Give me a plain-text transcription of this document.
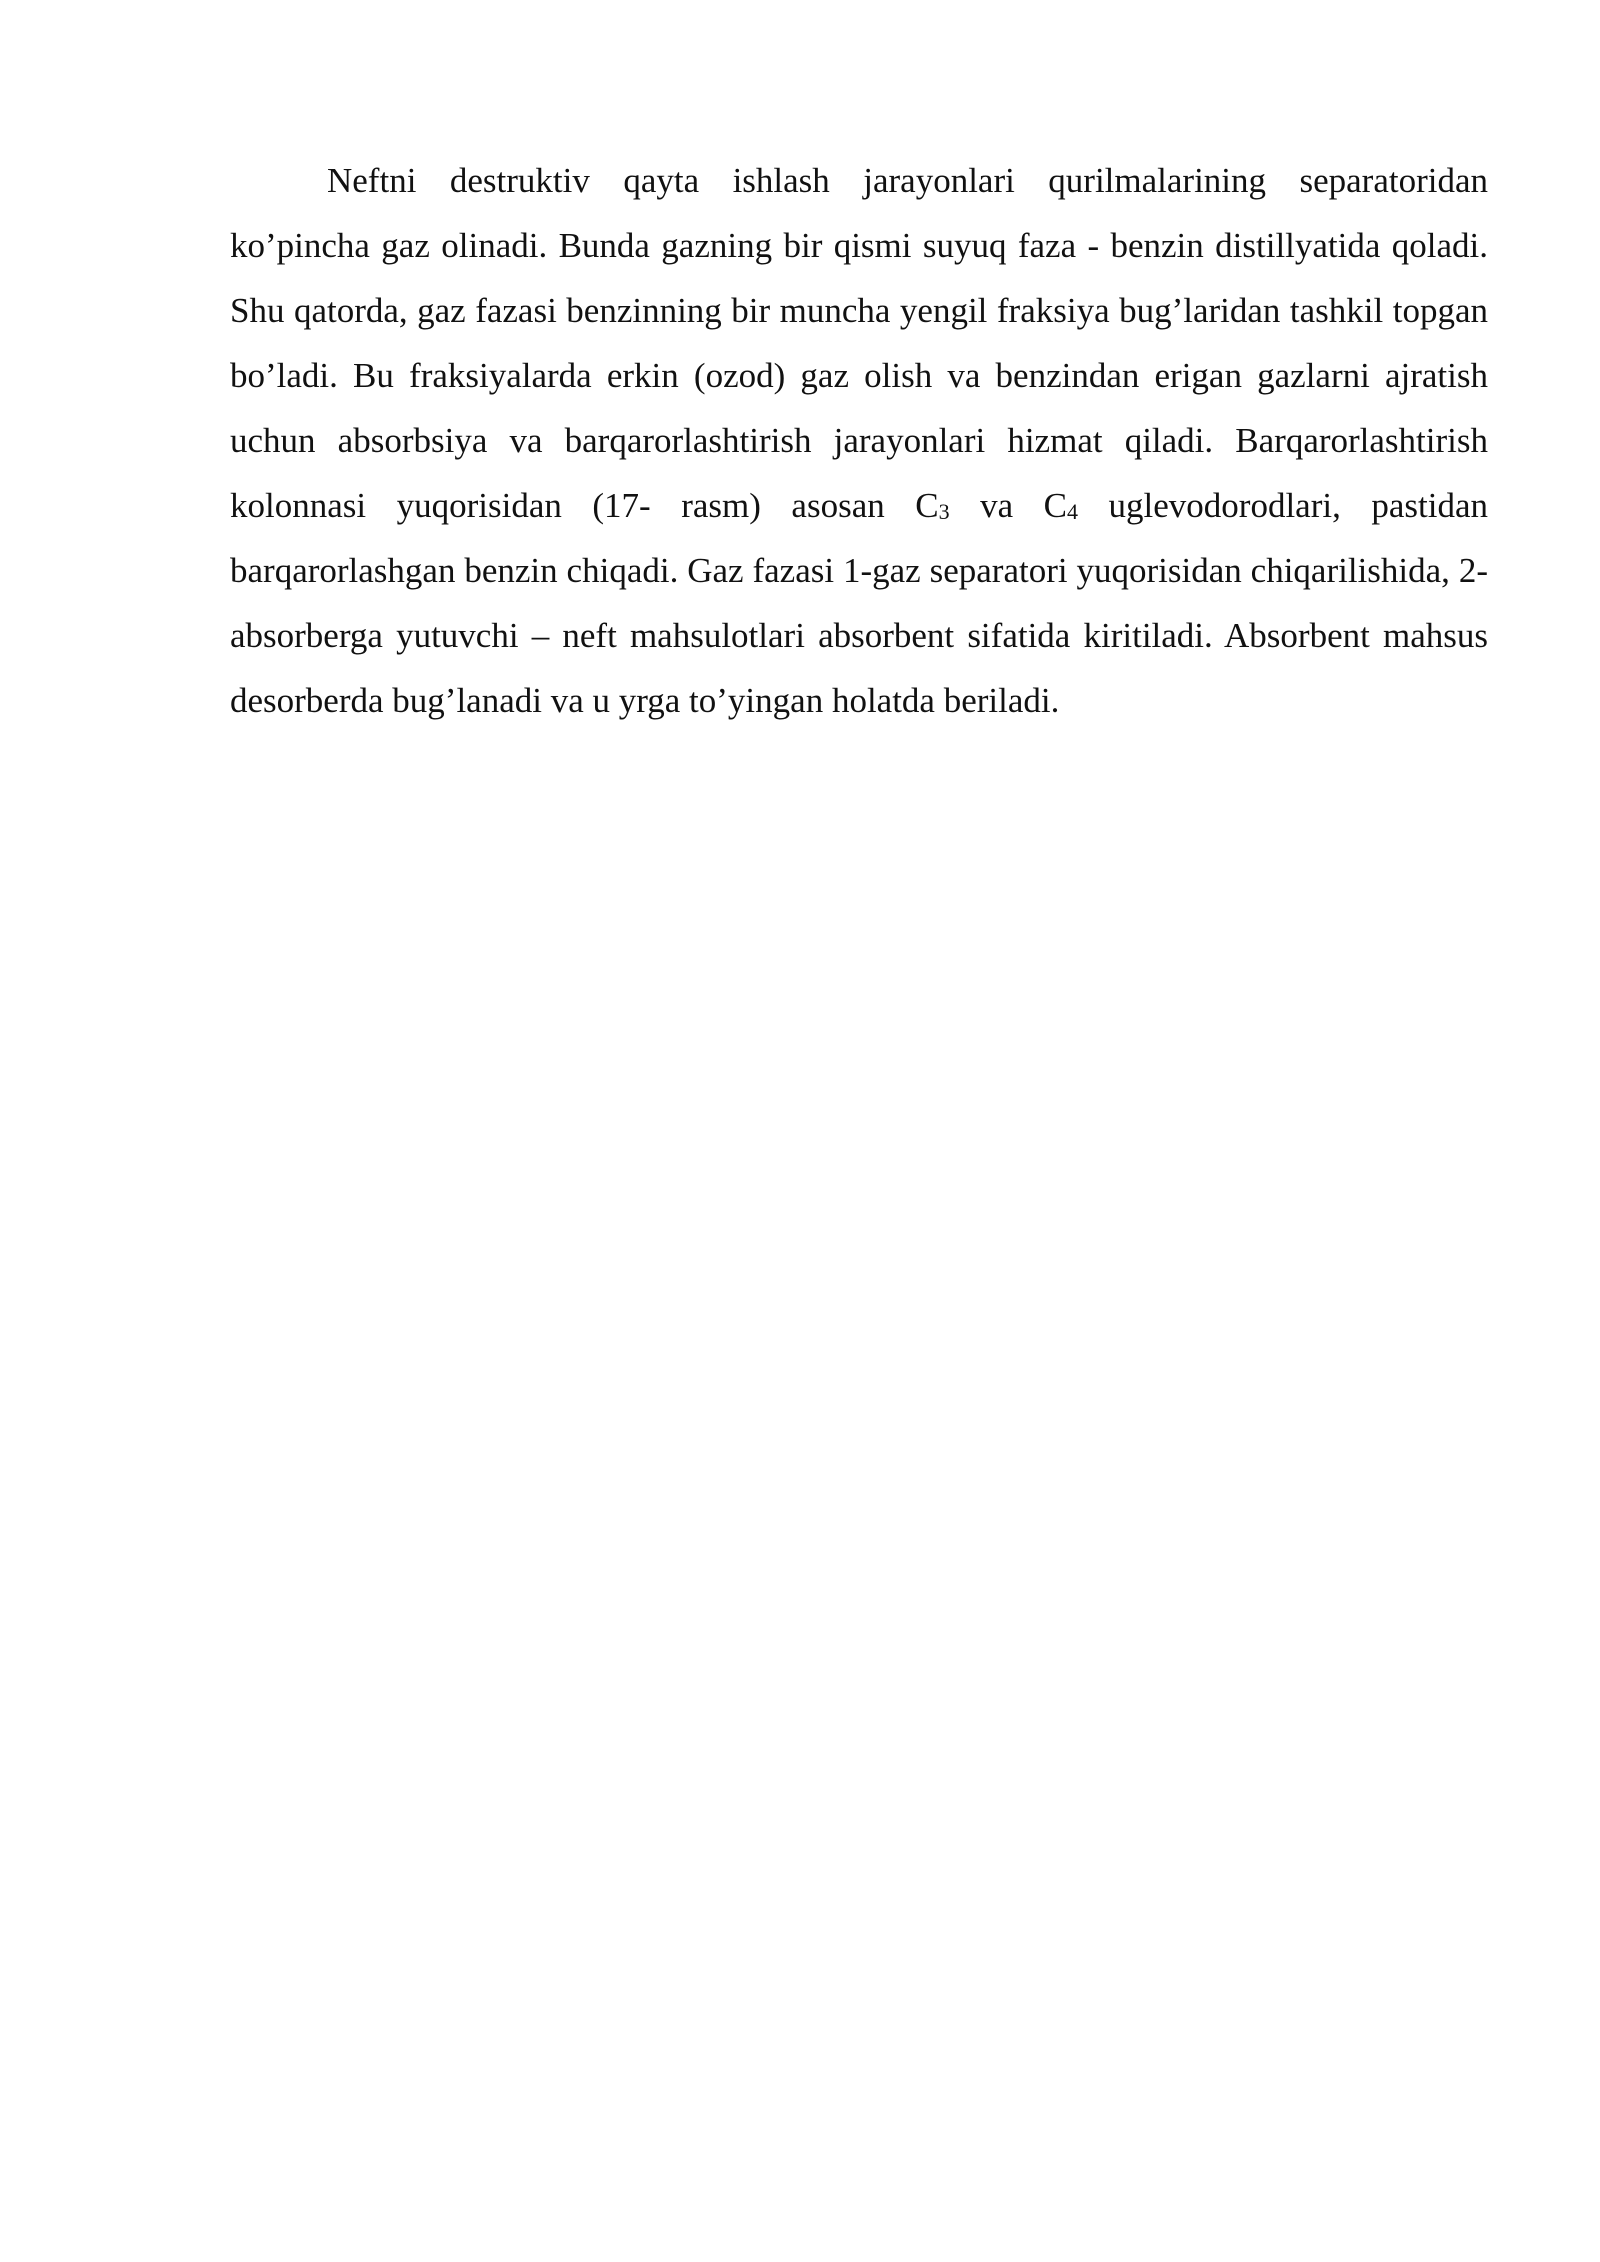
Neftni destruktiv qayta ishlash jarayonlari qurilmalarining separatoridan ko’pincha gaz olinadi. Bunda gazning bir qismi suyuq faza - benzin distillyatida qoladi. Shu qatorda, gaz fazasi benzinning bir muncha yengil fraksiya bug’laridan tashkil topgan bo’ladi. Bu fraksiyalarda erkin (ozod) gaz olish va benzindan erigan gazlarni ajratish uchun absorbsiya va barqarorlashtirish jarayonlari hizmat qiladi. Barqarorlashtirish kolonnasi yuqorisidan (17- rasm) asosan $C_3$ va $C_4$ uglevodorodlari, pastidan barqarorlashgan benzin chiqadi. Gaz fazasi 1-gaz separatori yuqorisidan chiqarilishida, 2-absorberga yutuvchi – neft mahsulotlari absorbent sifatida kiritiladi. Absorbent mahsus desorberda bug’lanadi va u yrga to’yingan holatda beriladi.
